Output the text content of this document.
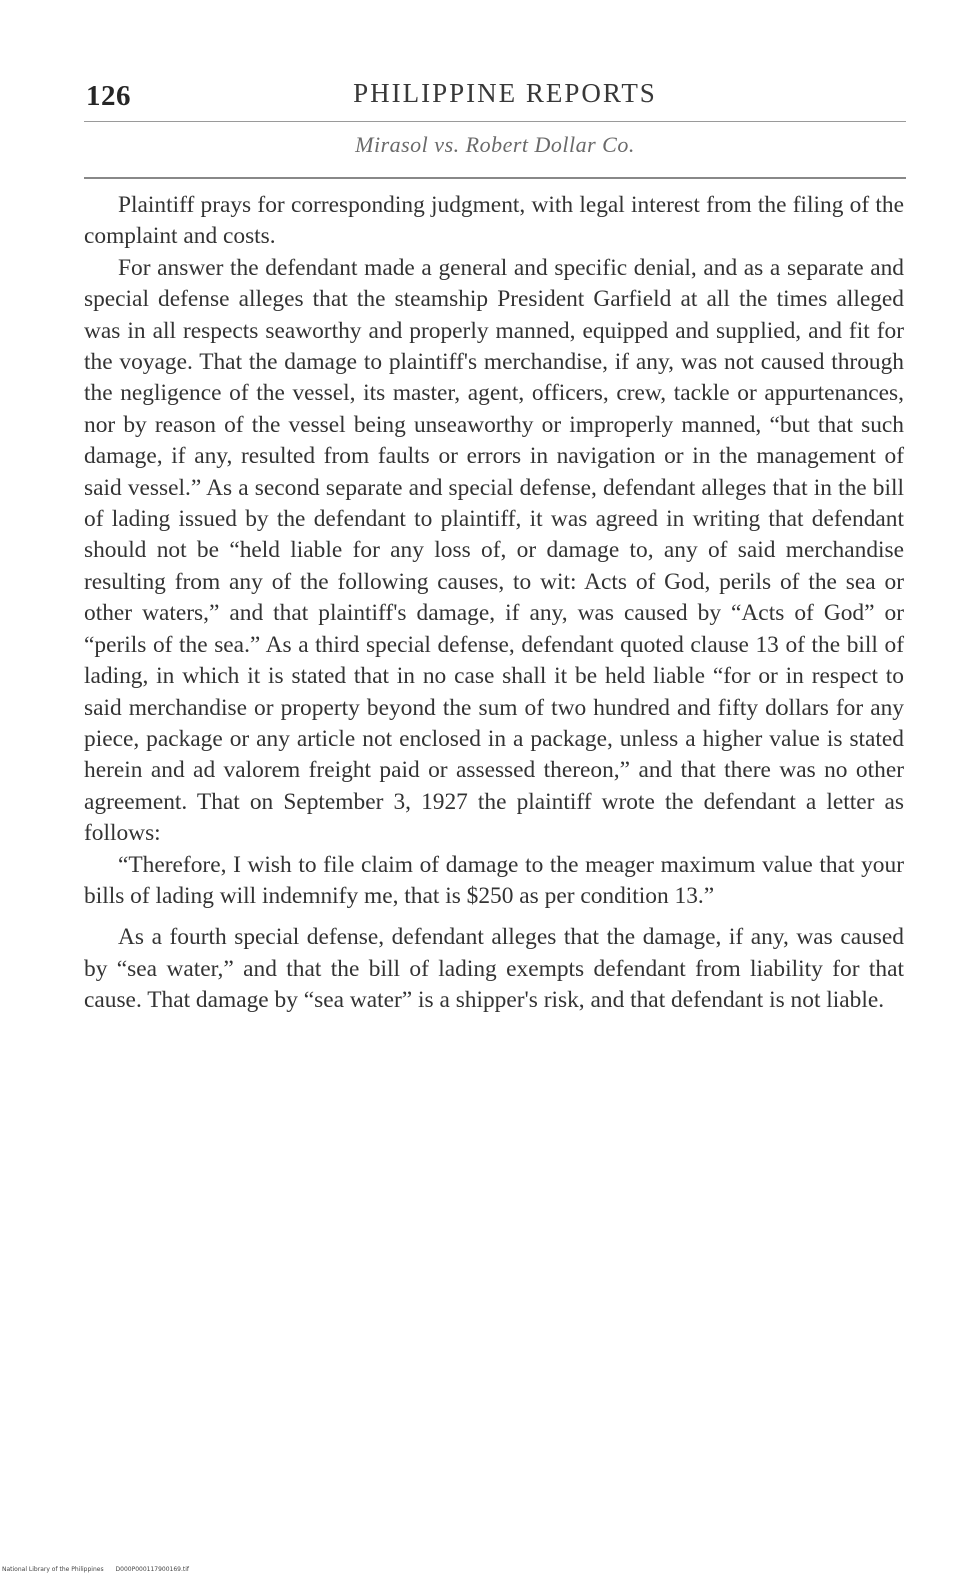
126	PHILIPPINE REPORTS
Mirasol vs. Robert Dollar Co.

Plaintiff prays for corresponding judgment, with legal interest from the filing of the complaint and costs.

For answer the defendant made a general and specific denial, and as a separate and special defense alleges that the steamship President Garfield at all the times alleged was in all respects seaworthy and properly manned, equipped and supplied, and fit for the voyage. That the damage to plaintiff's merchandise, if any, was not caused through the negligence of the vessel, its master, agent, officers, crew, tackle or appurtenances, nor by reason of the vessel being unseaworthy or improperly manned, “but that such damage, if any, resulted from faults or errors in navigation or in the management of said vessel.” As a second separate and special defense, defendant alleges that in the bill of lading issued by the defendant to plaintiff, it was agreed in writing that defendant should not be “held liable for any loss of, or damage to, any of said merchandise resulting from any of the following causes, to wit: Acts of God, perils of the sea or other waters,” and that plaintiff's damage, if any, was caused by “Acts of God” or “perils of the sea.” As a third special defense, defendant quoted clause 13 of the bill of lading, in which it is stated that in no case shall it be held liable “for or in respect to said merchandise or property beyond the sum of two hundred and fifty dollars for any piece, package or any article not enclosed in a package, unless a higher value is stated herein and ad valorem freight paid or assessed thereon,” and that there was no other agreement. That on September 3, 1927 the plaintiff wrote the defendant a letter as follows:

“Therefore, I wish to file claim of damage to the meager maximum value that your bills of lading will indemnify me, that is $250 as per condition 13.”

As a fourth special defense, defendant alleges that the damage, if any, was caused by “sea water,” and that the bill of lading exempts defendant from liability for that cause. That damage by “sea water” is a shipper's risk, and that defendant is not liable.

National Library of the Philippines D000P000117900169.tif
